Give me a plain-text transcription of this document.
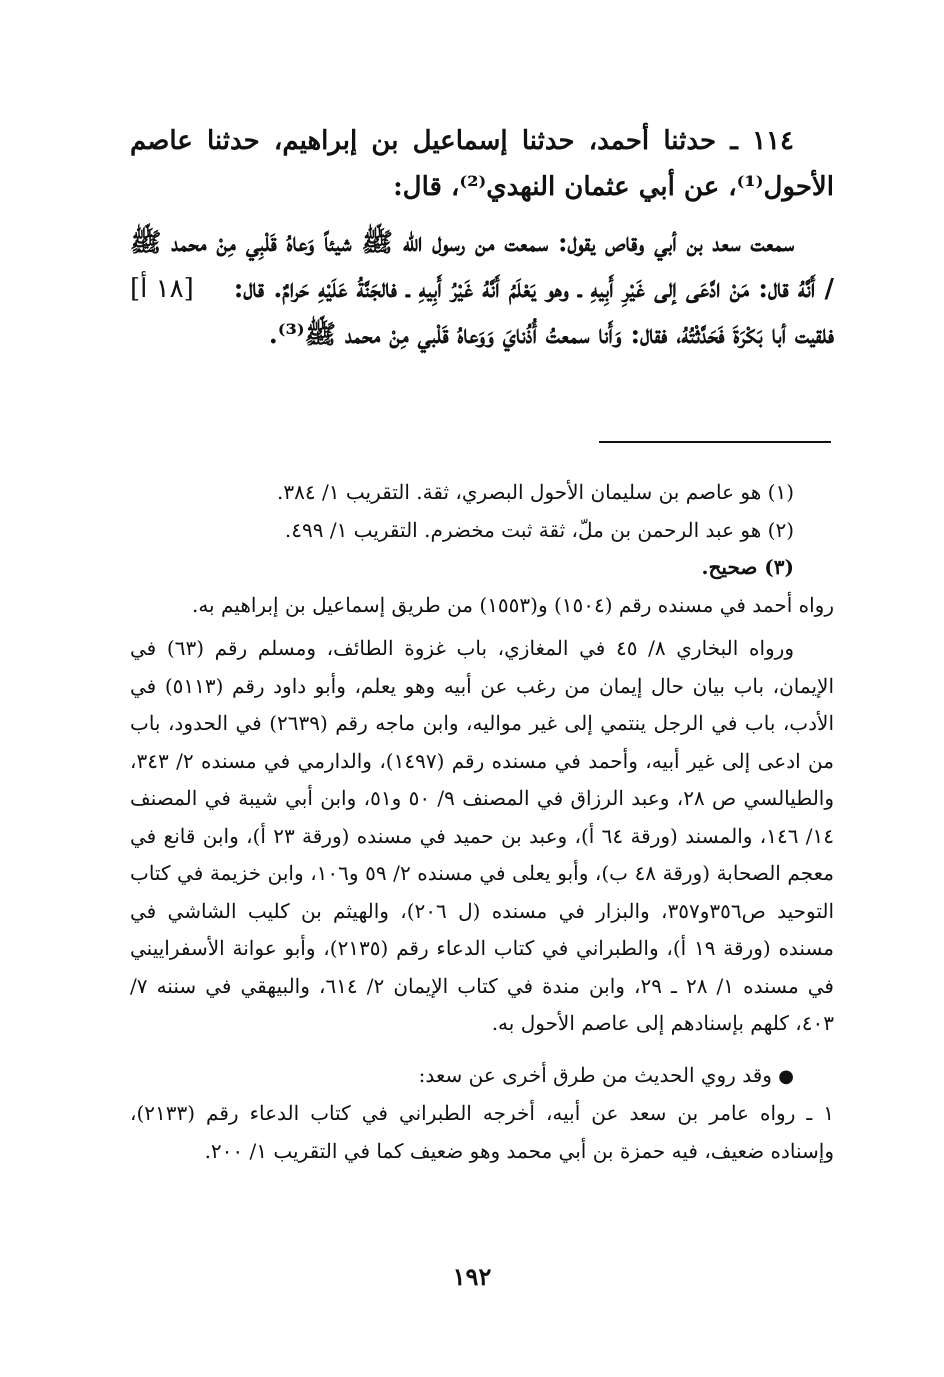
١١٤ ـ حدثنا أحمد، حدثنا إسماعيل بن إبراهيم، حدثنا عاصم الأحول⁽¹⁾، عن أبي عثمان النهدي⁽²⁾، قال:

سمعت سعد بن أبي وقاص يقول: سمعت من رسول الله ﷺ شيئاً وَعاهُ قَلْبِي مِنْ محمد ﷺ /
[١٨ أ]	أَنَّهُ قال: مَنْ ادَّعَى إلى غَيْرِ أَبِيهِ ـ وهو يَعْلَمُ أَنَّهُ غَيْرُ أَبِيهِ ـ فالجَنَّةُ عَلَيْهِ حَرامٌ. قال: فلقيت أبا بَكْرَةَ فَحَدَّثْتُهُ، فقال: وَأَنا سمعتُ أُذُنايَ وَوَعاهُ قَلْبي مِنْ محمد ﷺ⁽³⁾.

(١) هو عاصم بن سليمان الأحول البصري، ثقة. التقريب ١/ ٣٨٤.

(٢) هو عبد الرحمن بن ملّ، ثقة ثبت مخضرم. التقريب ١/ ٤٩٩.

(٣) صحيح.

رواه أحمد في مسنده رقم (١٥٠٤) و(١٥٥٣) من طريق إسماعيل بن إبراهيم به.

ورواه البخاري ٨/ ٤٥ في المغازي، باب غزوة الطائف، ومسلم رقم (٦٣) في الإيمان، باب بيان حال إيمان من رغب عن أبيه وهو يعلم، وأبو داود رقم (٥١١٣) في الأدب، باب في الرجل ينتمي إلى غير مواليه، وابن ماجه رقم (٢٦٣٩) في الحدود، باب من ادعى إلى غير أبيه، وأحمد في مسنده رقم (١٤٩٧)، والدارمي في مسنده ٢/ ٣٤٣، والطيالسي ص ٢٨، وعبد الرزاق في المصنف ٩/ ٥٠ و٥١، وابن أبي شيبة في المصنف ١٤/ ١٤٦، والمسند (ورقة ٦٤ أ)، وعبد بن حميد في مسنده (ورقة ٢٣ أ)، وابن قانع في معجم الصحابة (ورقة ٤٨ ب)، وأبو يعلى في مسنده ٢/ ٥٩ و١٠٦، وابن خزيمة في كتاب التوحيد ص٣٥٦و٣٥٧، والبزار في مسنده (ل ٢٠٦)، والهيثم بن كليب الشاشي في مسنده (ورقة ١٩ أ)، والطبراني في كتاب الدعاء رقم (٢١٣٥)، وأبو عوانة الأسفراييني في مسنده ١/ ٢٨ ـ ٢٩، وابن مندة في كتاب الإيمان ٢/ ٦١٤، والبيهقي في سننه ٧/ ٤٠٣، كلهم بإسنادهم إلى عاصم الأحول به.

● وقد روي الحديث من طرق أخرى عن سعد:

١ ـ رواه عامر بن سعد عن أبيه، أخرجه الطبراني في كتاب الدعاء رقم (٢١٣٣)، وإسناده ضعيف، فيه حمزة بن أبي محمد وهو ضعيف كما في التقريب ١/ ٢٠٠.

١٩٢
